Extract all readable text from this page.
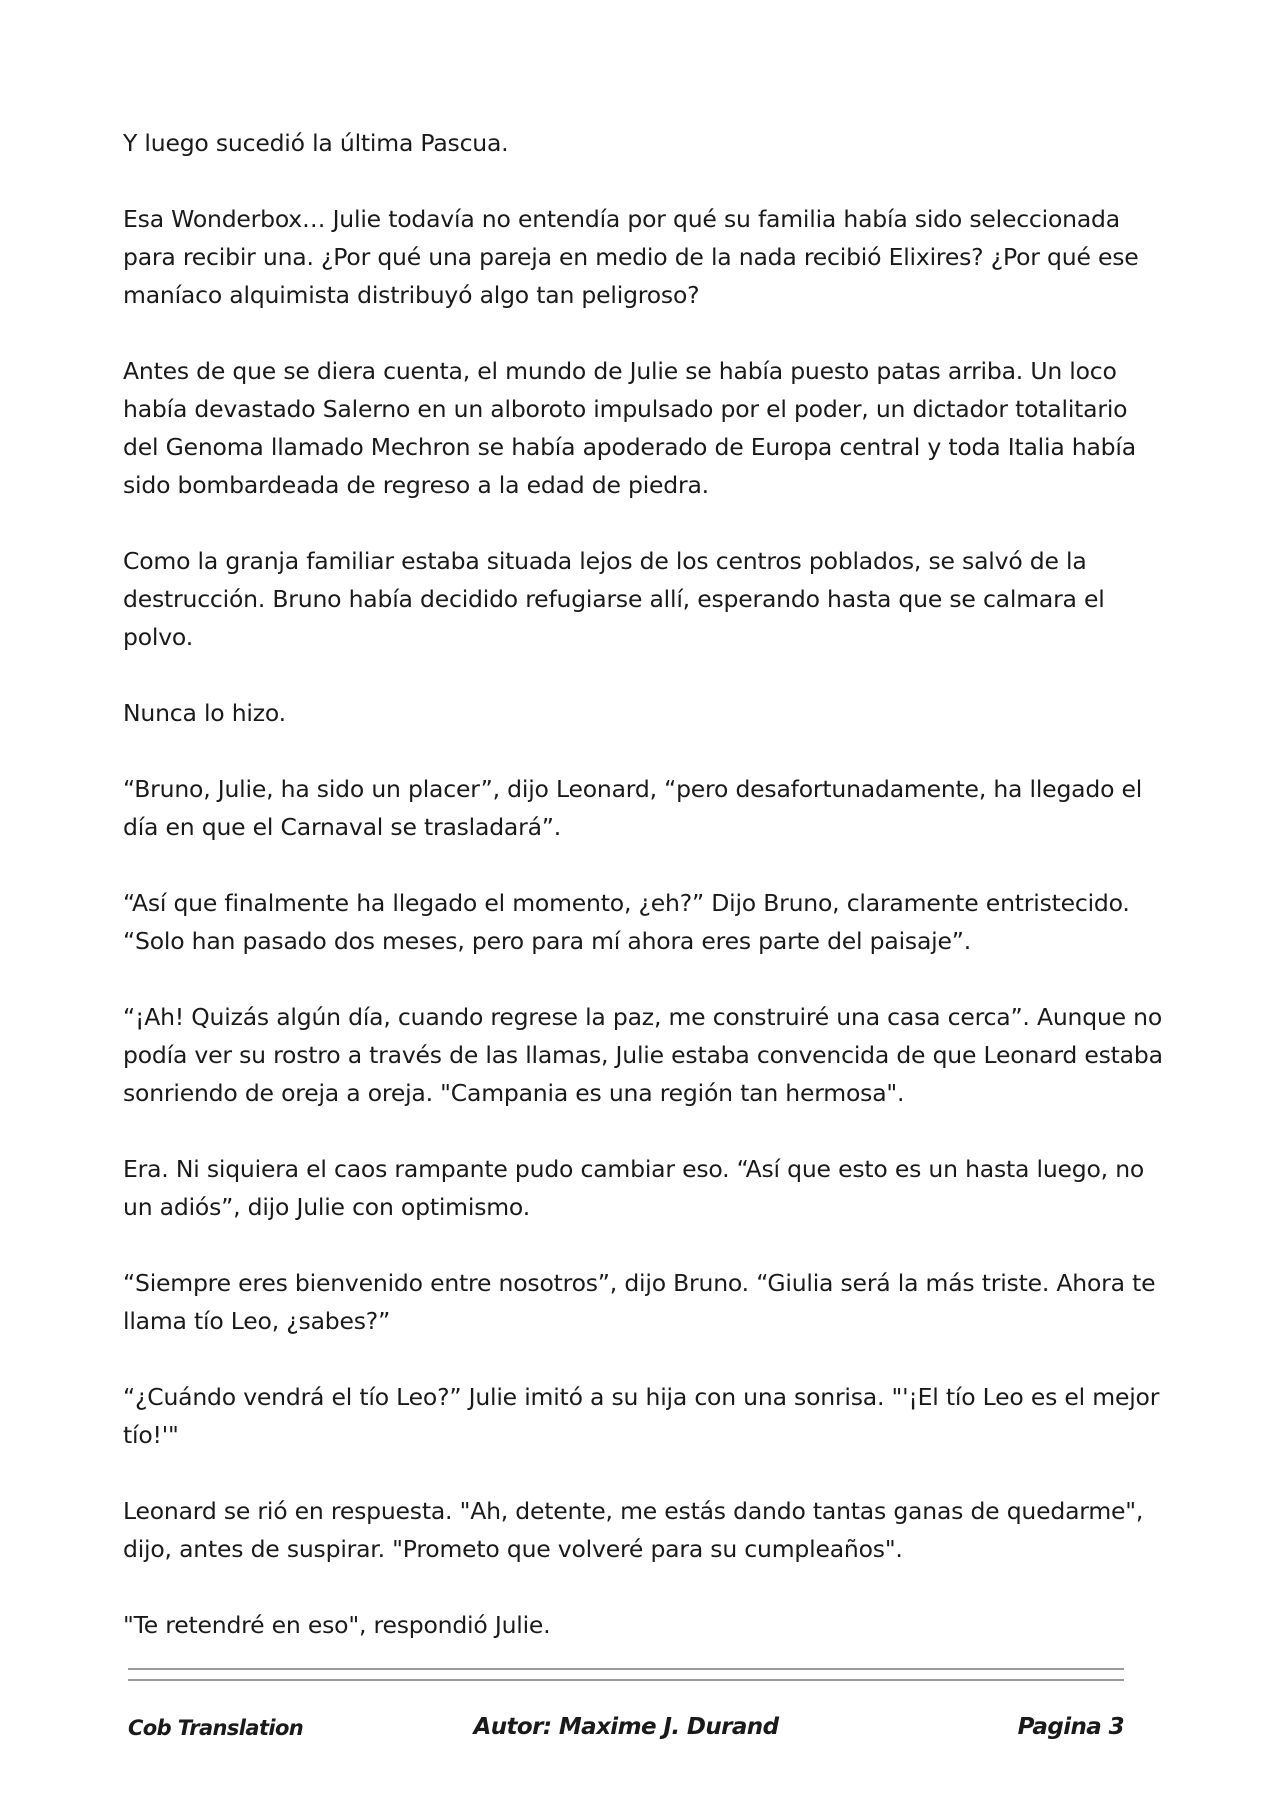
Y luego sucedió la última Pascua.

Esa Wonderbox… Julie todavía no entendía por qué su familia había sido seleccionada para recibir una. ¿Por qué una pareja en medio de la nada recibió Elixires? ¿Por qué ese maníaco alquimista distribuyó algo tan peligroso?

Antes de que se diera cuenta, el mundo de Julie se había puesto patas arriba. Un loco había devastado Salerno en un alboroto impulsado por el poder, un dictador totalitario del Genoma llamado Mechron se había apoderado de Europa central y toda Italia había sido bombardeada de regreso a la edad de piedra.

Como la granja familiar estaba situada lejos de los centros poblados, se salvó de la destrucción. Bruno había decidido refugiarse allí, esperando hasta que se calmara el polvo.

Nunca lo hizo.

“Bruno, Julie, ha sido un placer”, dijo Leonard, “pero desafortunadamente, ha llegado el día en que el Carnaval se trasladará”.

“Así que finalmente ha llegado el momento, ¿eh?” Dijo Bruno, claramente entristecido. “Solo han pasado dos meses, pero para mí ahora eres parte del paisaje”.

“¡Ah! Quizás algún día, cuando regrese la paz, me construiré una casa cerca”. Aunque no podía ver su rostro a través de las llamas, Julie estaba convencida de que Leonard estaba sonriendo de oreja a oreja. "Campania es una región tan hermosa".

Era. Ni siquiera el caos rampante pudo cambiar eso. “Así que esto es un hasta luego, no un adiós”, dijo Julie con optimismo.

“Siempre eres bienvenido entre nosotros”, dijo Bruno. “Giulia será la más triste. Ahora te llama tío Leo, ¿sabes?”

“¿Cuándo vendrá el tío Leo?” Julie imitó a su hija con una sonrisa. "'¡El tío Leo es el mejor tío!'"

Leonard se rió en respuesta. "Ah, detente, me estás dando tantas ganas de quedarme", dijo, antes de suspirar. "Prometo que volveré para su cumpleaños".

"Te retendré en eso", respondió Julie.

Cob Translation	Autor: Maxime J. Durand	Pagina 3
